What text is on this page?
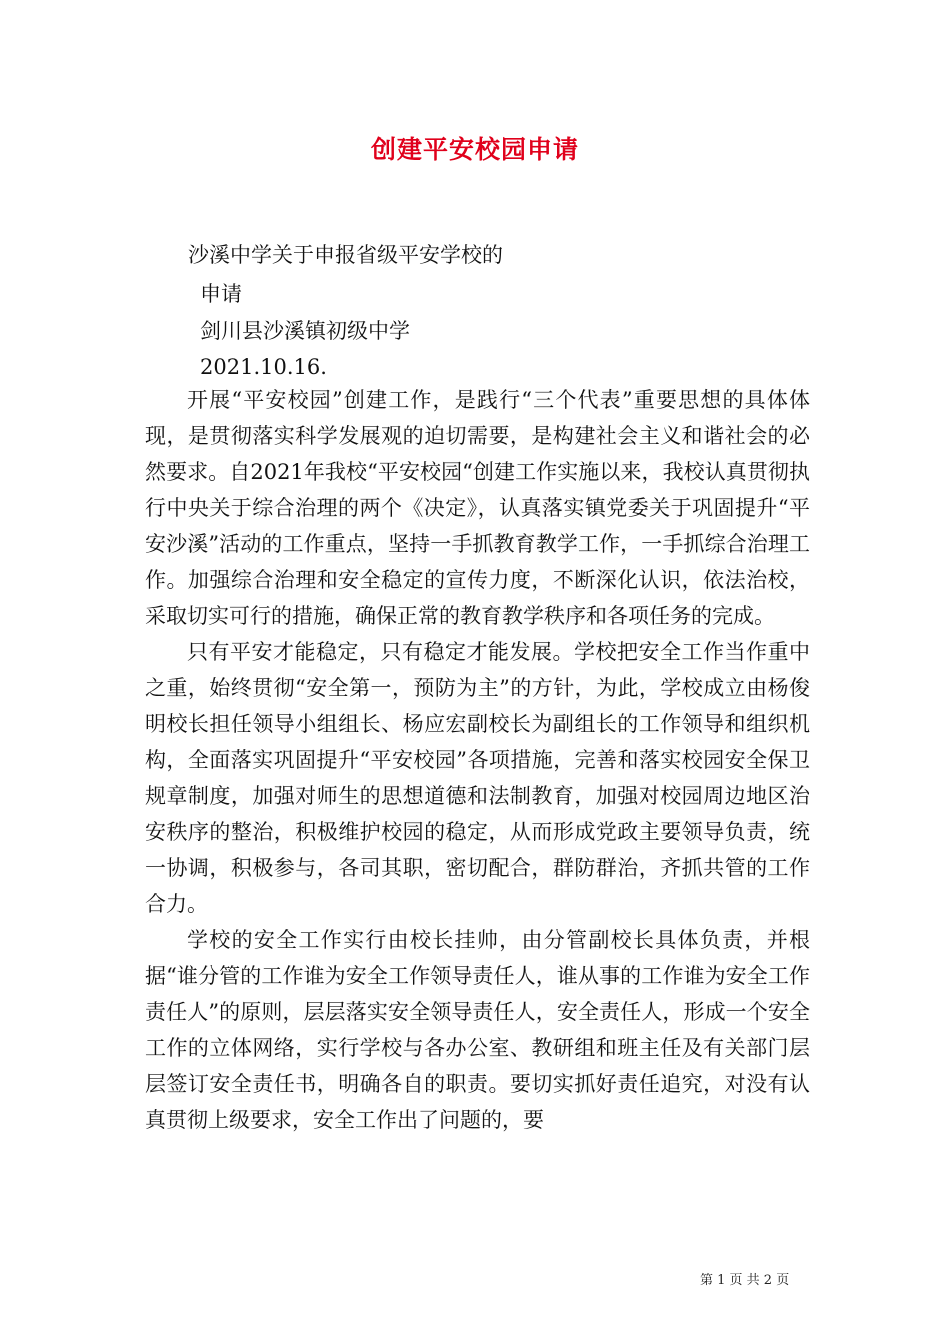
创建平安校园申请
沙溪中学关于申报省级平安学校的
申请
剑川县沙溪镇初级中学
2021.10.16.

开展“平安校园”创建工作，是践行“三个代表”重要思想的具体体现，是贯彻落实科学发展观的迫切需要，是构建社会主义和谐社会的必然要求。自2021年我校“平安校园“创建工作实施以来，我校认真贯彻执行中央关于综合治理的两个《决定》，认真落实镇党委关于巩固提升“平安沙溪”活动的工作重点，坚持一手抓教育教学工作，一手抓综合治理工作。加强综合治理和安全稳定的宣传力度，不断深化认识，依法治校，采取切实可行的措施，确保正常的教育教学秩序和各项任务的完成。

只有平安才能稳定，只有稳定才能发展。学校把安全工作当作重中之重，始终贯彻“安全第一，预防为主”的方针，为此，学校成立由杨俊明校长担任领导小组组长、杨应宏副校长为副组长的工作领导和组织机构，全面落实巩固提升“平安校园”各项措施，完善和落实校园安全保卫规章制度，加强对师生的思想道德和法制教育，加强对校园周边地区治安秩序的整治，积极维护校园的稳定，从而形成党政主要领导负责，统一协调，积极参与，各司其职，密切配合，群防群治，齐抓共管的工作合力。

学校的安全工作实行由校长挂帅，由分管副校长具体负责，并根据“谁分管的工作谁为安全工作领导责任人，谁从事的工作谁为安全工作责任人”的原则，层层落实安全领导责任人，安全责任人，形成一个安全工作的立体网络，实行学校与各办公室、教研组和班主任及有关部门层层签订安全责任书，明确各自的职责。要切实抓好责任追究，对没有认真贯彻上级要求，安全工作出了问题的，要

第 1 页 共 2 页
